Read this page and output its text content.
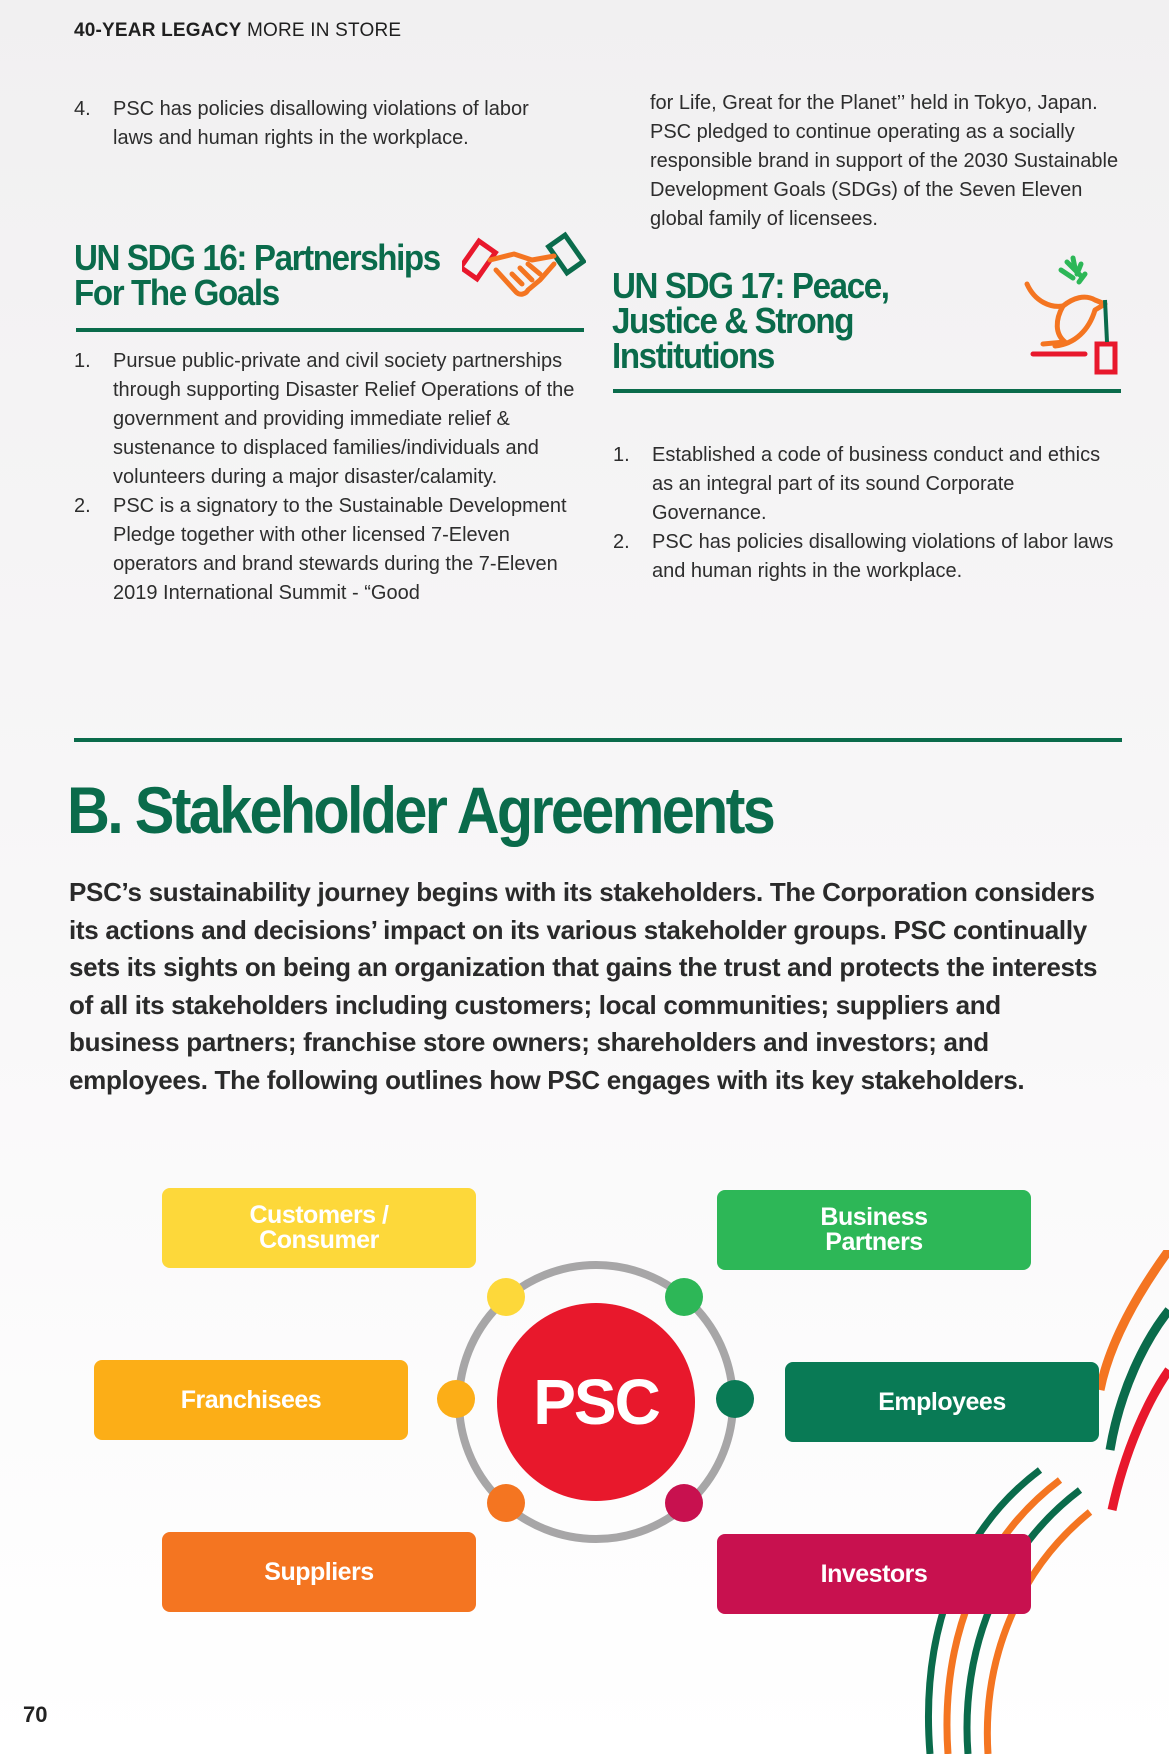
40-YEAR LEGACY MORE IN STORE
4. PSC has policies disallowing violations of labor laws and human rights in the workplace.
for Life, Great for the Planet’’ held in Tokyo, Japan. PSC pledged to continue operating as a socially responsible brand in support of the 2030 Sustainable Development Goals (SDGs) of the Seven Eleven global family of licensees.
UN SDG 16: Partnerships
For The Goals
1. Pursue public-private and civil society partnerships through supporting Disaster Relief Operations of the government and providing immediate relief & sustenance to displaced families/individuals and volunteers during a major disaster/calamity.
2. PSC is a signatory to the Sustainable Development Pledge together with other licensed 7-Eleven operators and brand stewards during the 7-Eleven 2019 International Summit - “Good
UN SDG 17: Peace,
Justice & Strong
Institutions
1. Established a code of business conduct and ethics as an integral part of its sound Corporate Governance.
2. PSC has policies disallowing violations of labor laws and human rights in the workplace.
B. Stakeholder Agreements
PSC’s sustainability journey begins with its stakeholders. The Corporation considers its actions and decisions’ impact on its various stakeholder groups. PSC continually sets its sights on being an organization that gains the trust and protects the interests of all its stakeholders including customers; local communities; suppliers and business partners; franchise store owners; shareholders and investors; and employees. The following outlines how PSC engages with its key stakeholders.
PSC
Customers /
Consumer
Business
Partners
Franchisees	Employees
Suppliers	Investors
70
